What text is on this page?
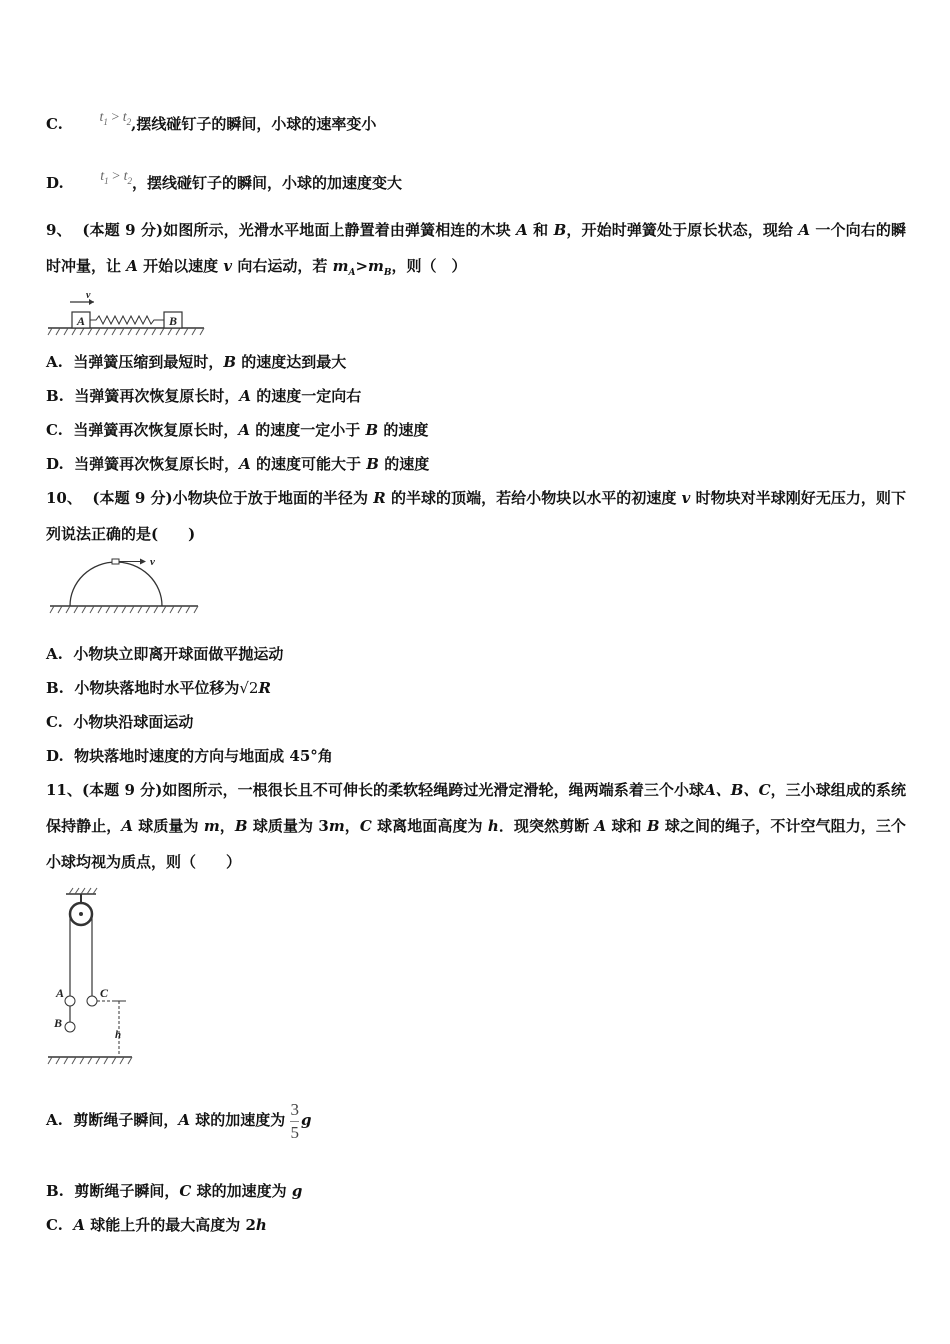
C.	$t_1 > t_2$,摆线碰钉子的瞬间，小球的速率变小
D.	$t_1 > t_2$，摆线碰钉子的瞬间，小球的加速度变大
9、 (本题 9 分)如图所示，光滑水平地面上静置着由弹簧相连的木块 A 和 B，开始时弹簧处于原长状态，现给 A 一个向右的瞬时冲量，让 A 开始以速度 v 向右运动，若 $m_A>m_B$，则（　）
A	B
v
A. 当弹簧压缩到最短时，B 的速度达到最大
B. 当弹簧再次恢复原长时，A 的速度一定向右
C. 当弹簧再次恢复原长时，A 的速度一定小于 B 的速度
D. 当弹簧再次恢复原长时，A 的速度可能大于 B 的速度
10、 (本题 9 分)小物块位于放于地面的半径为 R 的半球的顶端，若给小物块以水平的初速度 v 时物块对半球刚好无压力，则下列说法正确的是(　　)
v
A. 小物块立即离开球面做平抛运动
B. 小物块落地时水平位移为√2R
C. 小物块沿球面运动
D. 物块落地时速度的方向与地面成 45°角
11、(本题 9 分)如图所示，一根很长且不可伸长的柔软轻绳跨过光滑定滑轮，绳两端系着三个小球A、B、C，三小球组成的系统保持静止，A 球质量为 m，B 球质量为 3m，C 球离地面高度为 h．现突然剪断 A 球和 B 球之间的绳子，不计空气阻力，三个小球均视为质点，则（　　）
A
B
C
h
A. 剪断绳子瞬间，A 球的加速度为 $\frac{3}{5}$ g
B. 剪断绳子瞬间，C 球的加速度为 g
C. A 球能上升的最大高度为 2h
